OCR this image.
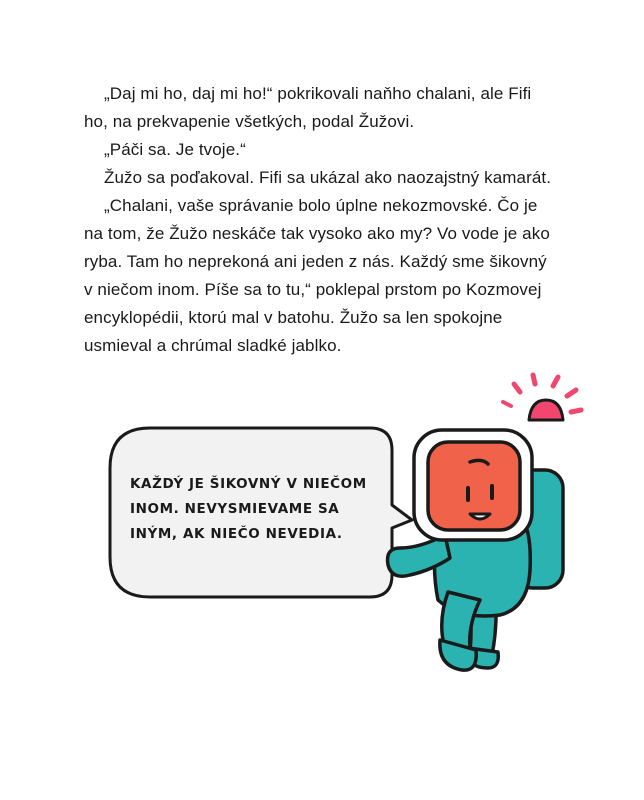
„Daj mi ho, daj mi ho!“ pokrikovali naňho chalani, ale Fifi
ho, na prekvapenie všetkých, podal Žužovi.

„Páči sa. Je tvoje.“

Žužo sa poďakoval. Fifi sa ukázal ako naozajstný kamarát.

„Chalani, vaše správanie bolo úplne nekozmovské. Čo je
na tom, že Žužo neskáče tak vysoko ako my? Vo vode je ako
ryba. Tam ho neprekoná ani jeden z nás. Každý sme šikovný
v niečom inom. Píše sa to tu,“ poklepal prstom po Kozmovej
encyklopédii, ktorú mal v batohu. Žužo sa len spokojne
usmieval a chrúmal sladké jablko.

KAŽDÝ JE ŠIKOVNÝ V NIEČOM
INOM. NEVYSMIEVAME SA
INÝM, AK NIEČO NEVEDIA.
